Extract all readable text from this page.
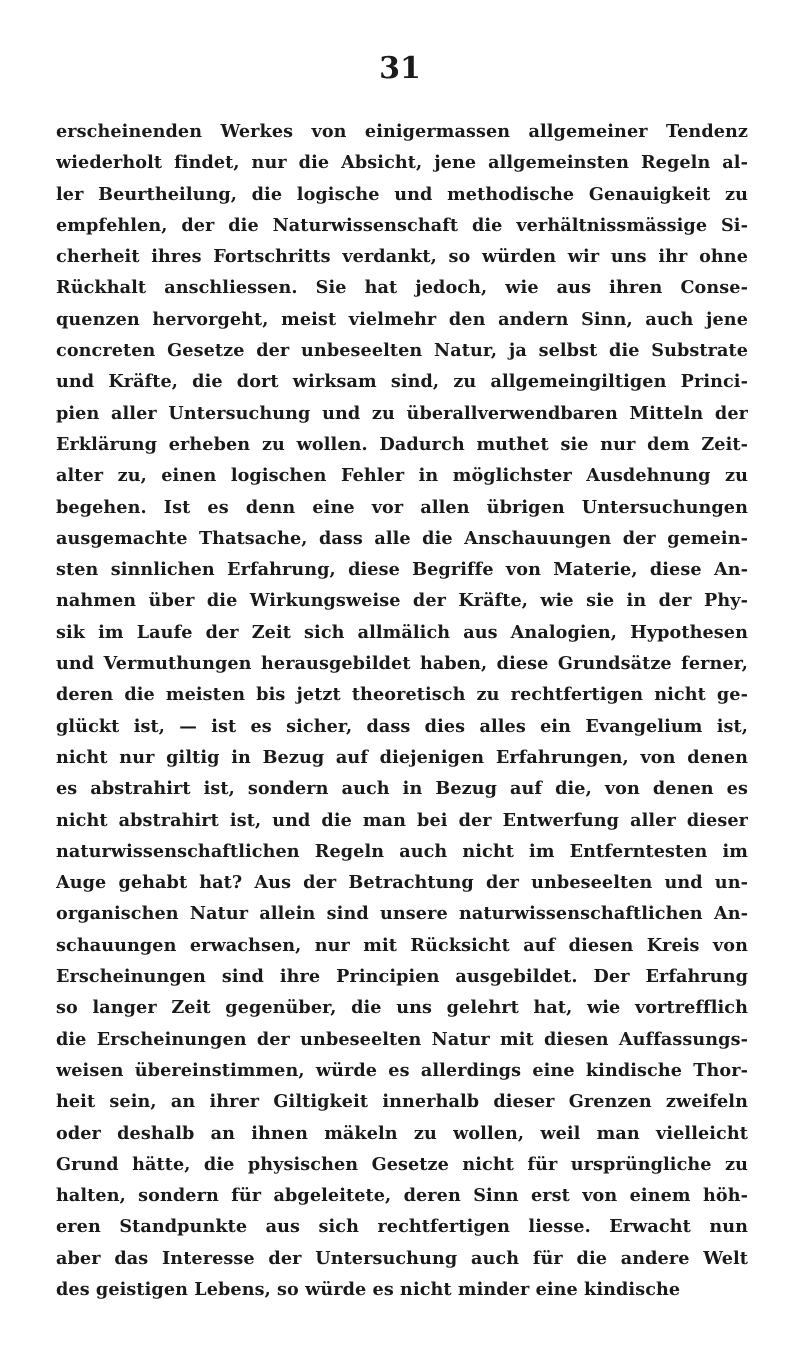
31
erscheinenden Werkes von einigermassen allgemeiner Tendenz
wiederholt findet, nur die Absicht, jene allgemeinsten Regeln al-
ler Beurtheilung, die logische und methodische Genauigkeit zu
empfehlen, der die Naturwissenschaft die verhältnissmässige Si-
cherheit ihres Fortschritts verdankt, so würden wir uns ihr ohne
Rückhalt anschliessen. Sie hat jedoch, wie aus ihren Conse-
quenzen hervorgeht, meist vielmehr den andern Sinn, auch jene
concreten Gesetze der unbeseelten Natur, ja selbst die Substrate
und Kräfte, die dort wirksam sind, zu allgemeingiltigen Princi-
pien aller Untersuchung und zu überallverwendbaren Mitteln der
Erklärung erheben zu wollen. Dadurch muthet sie nur dem Zeit-
alter zu, einen logischen Fehler in möglichster Ausdehnung zu
begehen. Ist es denn eine vor allen übrigen Untersuchungen
ausgemachte Thatsache, dass alle die Anschauungen der gemein-
sten sinnlichen Erfahrung, diese Begriffe von Materie, diese An-
nahmen über die Wirkungsweise der Kräfte, wie sie in der Phy-
sik im Laufe der Zeit sich allmälich aus Analogien, Hypothesen
und Vermuthungen herausgebildet haben, diese Grundsätze ferner,
deren die meisten bis jetzt theoretisch zu rechtfertigen nicht ge-
glückt ist, — ist es sicher, dass dies alles ein Evangelium ist,
nicht nur giltig in Bezug auf diejenigen Erfahrungen, von denen
es abstrahirt ist, sondern auch in Bezug auf die, von denen es
nicht abstrahirt ist, und die man bei der Entwerfung aller dieser
naturwissenschaftlichen Regeln auch nicht im Entferntesten im
Auge gehabt hat? Aus der Betrachtung der unbeseelten und un-
organischen Natur allein sind unsere naturwissenschaftlichen An-
schauungen erwachsen, nur mit Rücksicht auf diesen Kreis von
Erscheinungen sind ihre Principien ausgebildet. Der Erfahrung
so langer Zeit gegenüber, die uns gelehrt hat, wie vortrefflich
die Erscheinungen der unbeseelten Natur mit diesen Auffassungs-
weisen übereinstimmen, würde es allerdings eine kindische Thor-
heit sein, an ihrer Giltigkeit innerhalb dieser Grenzen zweifeln
oder deshalb an ihnen mäkeln zu wollen, weil man vielleicht
Grund hätte, die physischen Gesetze nicht für ursprüngliche zu
halten, sondern für abgeleitete, deren Sinn erst von einem höh-
eren Standpunkte aus sich rechtfertigen liesse. Erwacht nun
aber das Interesse der Untersuchung auch für die andere Welt
des geistigen Lebens, so würde es nicht minder eine kindische
